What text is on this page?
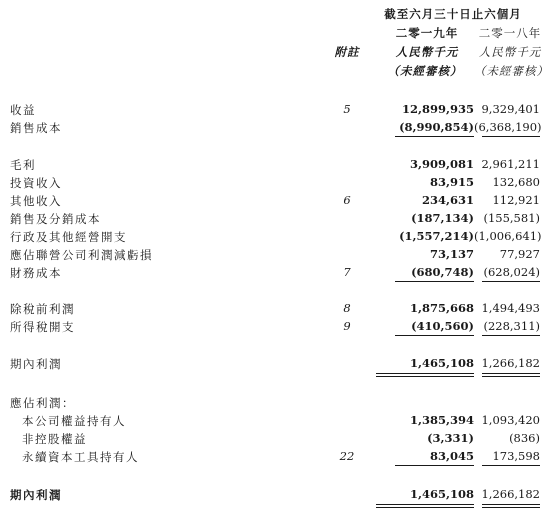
截至六月三十日止六個月
二零一九年	二零一八年
附註	人民幣千元	人民幣千元
（未經審核）	（未經審核）
收益	5	12,899,935 9,329,401
銷售成本	(8,990,854) (6,368,190)
毛利	3,909,081 2,961,211
投資收入	83,915	132,680
其他收入	6	234,631	112,921
銷售及分銷成本	(187,134) (155,581)
行政及其他經營開支	(1,557,214) (1,006,641)
應佔聯營公司利潤減虧損	73,137	77,927
財務成本	7	(680,748) (628,024)
除稅前利潤	8	1,875,668 1,494,493
所得稅開支	9	(410,560) (228,311)
期內利潤	1,465,108 1,266,182
應佔利潤：
本公司權益持有人	1,385,394 1,093,420
非控股權益	(3,331)	(836)
永續資本工具持有人	22	83,045	173,598
期內利潤	1,465,108 1,266,182
